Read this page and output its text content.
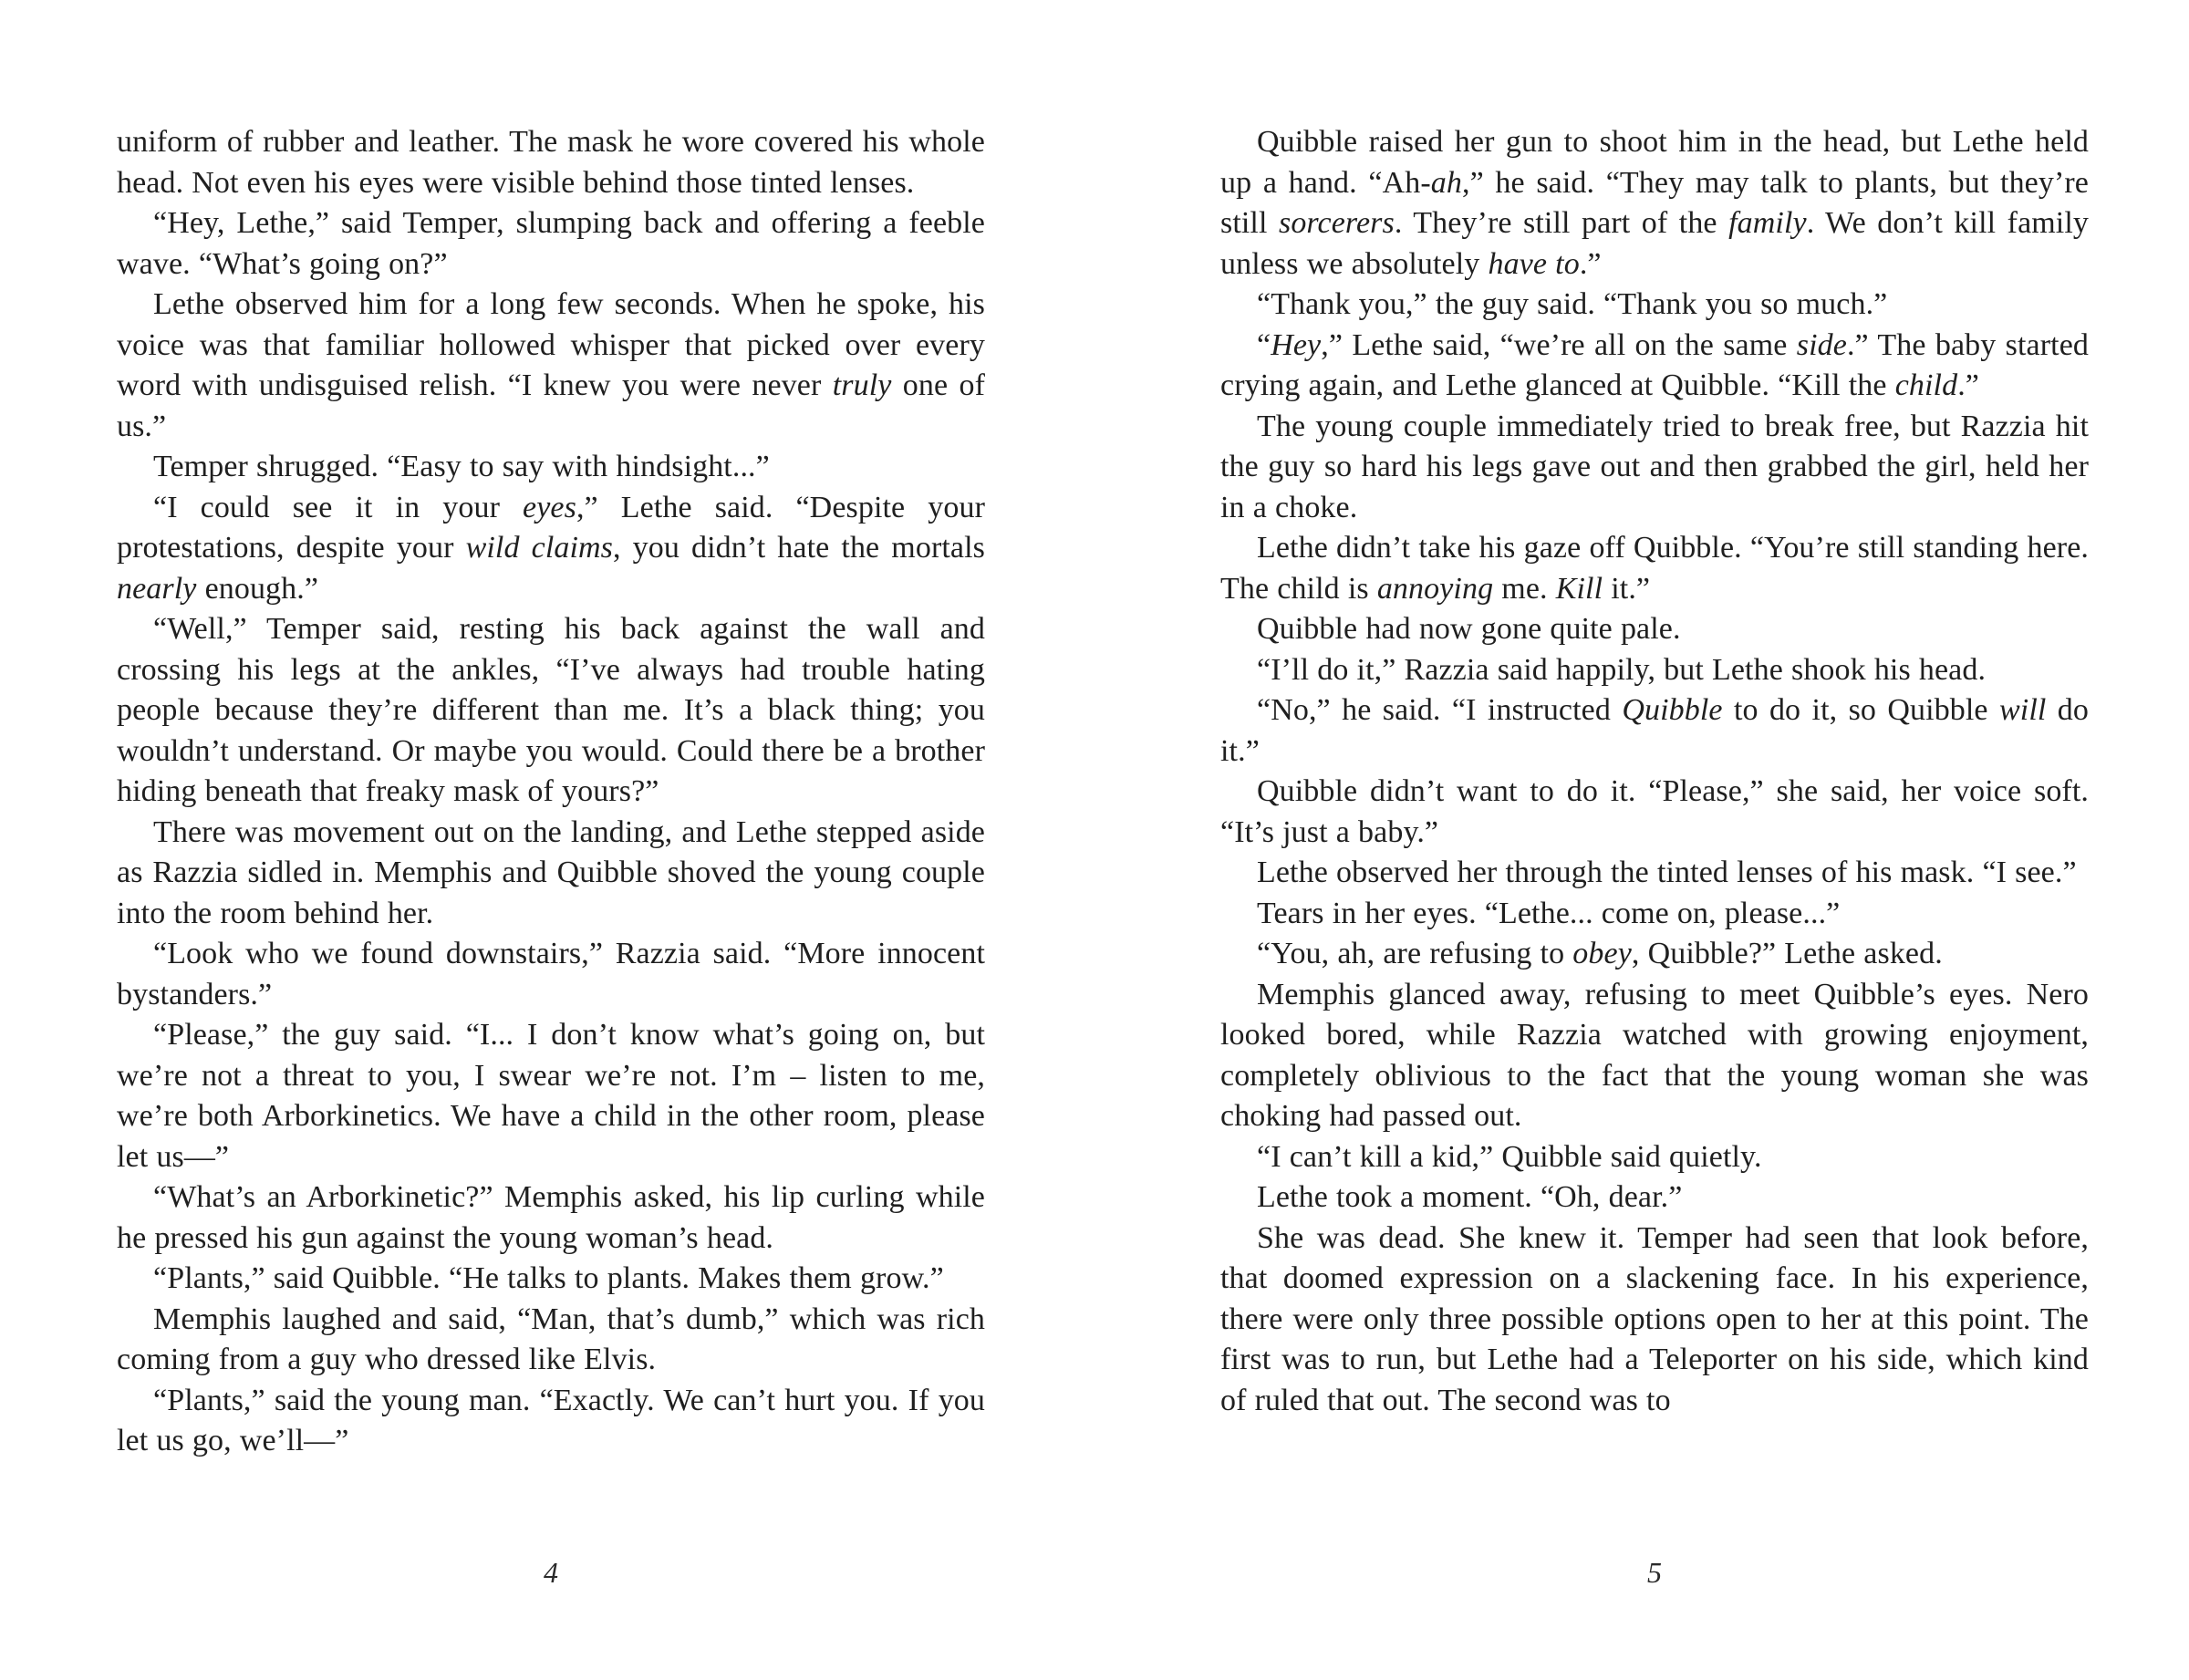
uniform of rubber and leather. The mask he wore covered his whole head. Not even his eyes were visible behind those tinted lenses.

“Hey, Lethe,” said Temper, slumping back and offering a feeble wave. “What’s going on?”

Lethe observed him for a long few seconds. When he spoke, his voice was that familiar hollowed whisper that picked over every word with undisguised relish. “I knew you were never truly one of us.”

Temper shrugged. “Easy to say with hindsight...”

“I could see it in your eyes,” Lethe said. “Despite your protestations, despite your wild claims, you didn’t hate the mortals nearly enough.”

“Well,” Temper said, resting his back against the wall and crossing his legs at the ankles, “I’ve always had trouble hating people because they’re different than me. It’s a black thing; you wouldn’t understand. Or maybe you would. Could there be a brother hiding beneath that freaky mask of yours?”

There was movement out on the landing, and Lethe stepped aside as Razzia sidled in. Memphis and Quibble shoved the young couple into the room behind her.

“Look who we found downstairs,” Razzia said. “More innocent bystanders.”

“Please,” the guy said. “I... I don’t know what’s going on, but we’re not a threat to you, I swear we’re not. I’m – listen to me, we’re both Arborkinetics. We have a child in the other room, please let us—”

“What’s an Arborkinetic?” Memphis asked, his lip curling while he pressed his gun against the young woman’s head.

“Plants,” said Quibble. “He talks to plants. Makes them grow.”

Memphis laughed and said, “Man, that’s dumb,” which was rich coming from a guy who dressed like Elvis.

“Plants,” said the young man. “Exactly. We can’t hurt you. If you let us go, we’ll—”

4

Quibble raised her gun to shoot him in the head, but Lethe held up a hand. “Ah-ah,” he said. “They may talk to plants, but they’re still sorcerers. They’re still part of the family. We don’t kill family unless we absolutely have to.”

“Thank you,” the guy said. “Thank you so much.”

“Hey,” Lethe said, “we’re all on the same side.” The baby started crying again, and Lethe glanced at Quibble. “Kill the child.”

The young couple immediately tried to break free, but Razzia hit the guy so hard his legs gave out and then grabbed the girl, held her in a choke.

Lethe didn’t take his gaze off Quibble. “You’re still standing here. The child is annoying me. Kill it.”

Quibble had now gone quite pale.

“I’ll do it,” Razzia said happily, but Lethe shook his head.

“No,” he said. “I instructed Quibble to do it, so Quibble will do it.”

Quibble didn’t want to do it. “Please,” she said, her voice soft. “It’s just a baby.”

Lethe observed her through the tinted lenses of his mask. “I see.”

Tears in her eyes. “Lethe... come on, please...”

“You, ah, are refusing to obey, Quibble?” Lethe asked.

Memphis glanced away, refusing to meet Quibble’s eyes. Nero looked bored, while Razzia watched with growing enjoyment, completely oblivious to the fact that the young woman she was choking had passed out.

“I can’t kill a kid,” Quibble said quietly.

Lethe took a moment. “Oh, dear.”

She was dead. She knew it. Temper had seen that look before, that doomed expression on a slackening face. In his experience, there were only three possible options open to her at this point. The first was to run, but Lethe had a Teleporter on his side, which kind of ruled that out. The second was to

5
